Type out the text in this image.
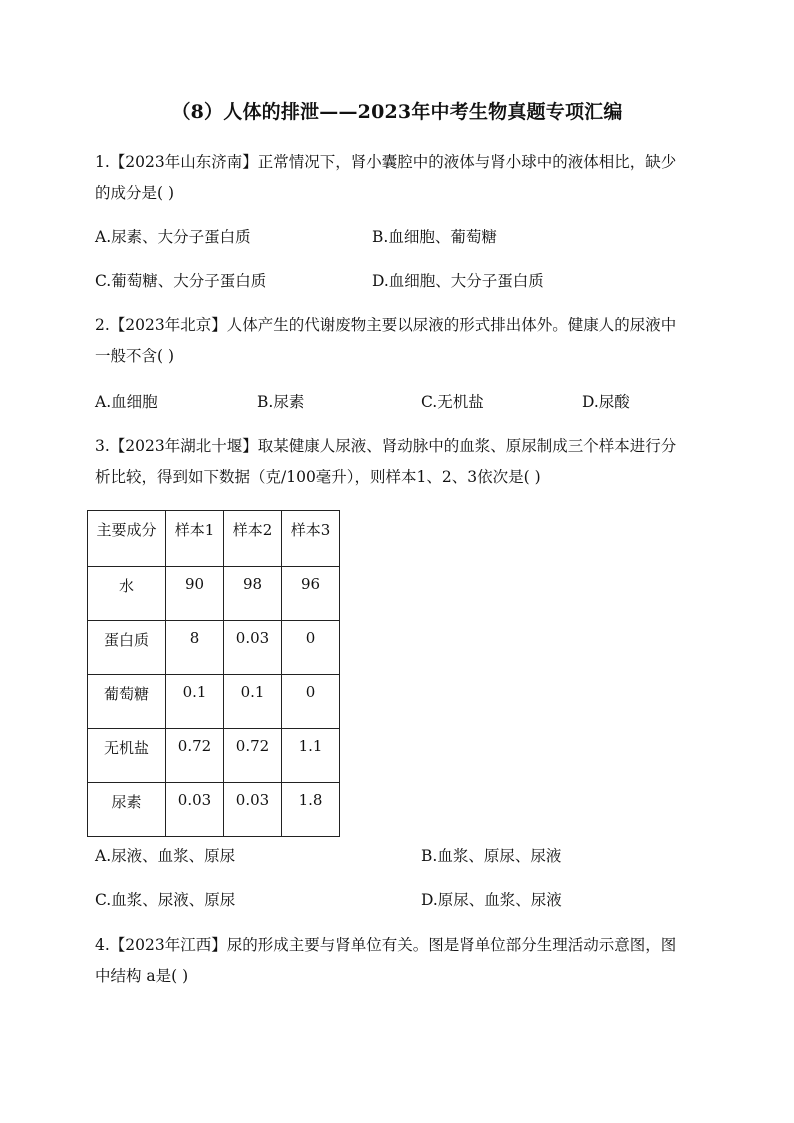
（8）人体的排泄——2023年中考生物真题专项汇编
1.【2023年山东济南】正常情况下，肾小囊腔中的液体与肾小球中的液体相比，缺少
的成分是( )
A.尿素、大分子蛋白质	B.血细胞、葡萄糖
C.葡萄糖、大分子蛋白质	D.血细胞、大分子蛋白质
2.【2023年北京】人体产生的代谢废物主要以尿液的形式排出体外。健康人的尿液中
一般不含( )
A.血细胞	B.尿素	C.无机盐	D.尿酸
3.【2023年湖北十堰】取某健康人尿液、肾动脉中的血浆、原尿制成三个样本进行分
析比较，得到如下数据（克/100毫升），则样本1、2、3依次是( )
主要成分	样本1	样本2	样本3
水	90	98	96
蛋白质	8	0.03	0
葡萄糖	0.1	0.1	0
无机盐	0.72	0.72	1.1
尿素	0.03	0.03	1.8
A.尿液、血浆、原尿	B.血浆、原尿、尿液
C.血浆、尿液、原尿	D.原尿、血浆、尿液
4.【2023年江西】尿的形成主要与肾单位有关。图是肾单位部分生理活动示意图，图
中结构 a是( )
